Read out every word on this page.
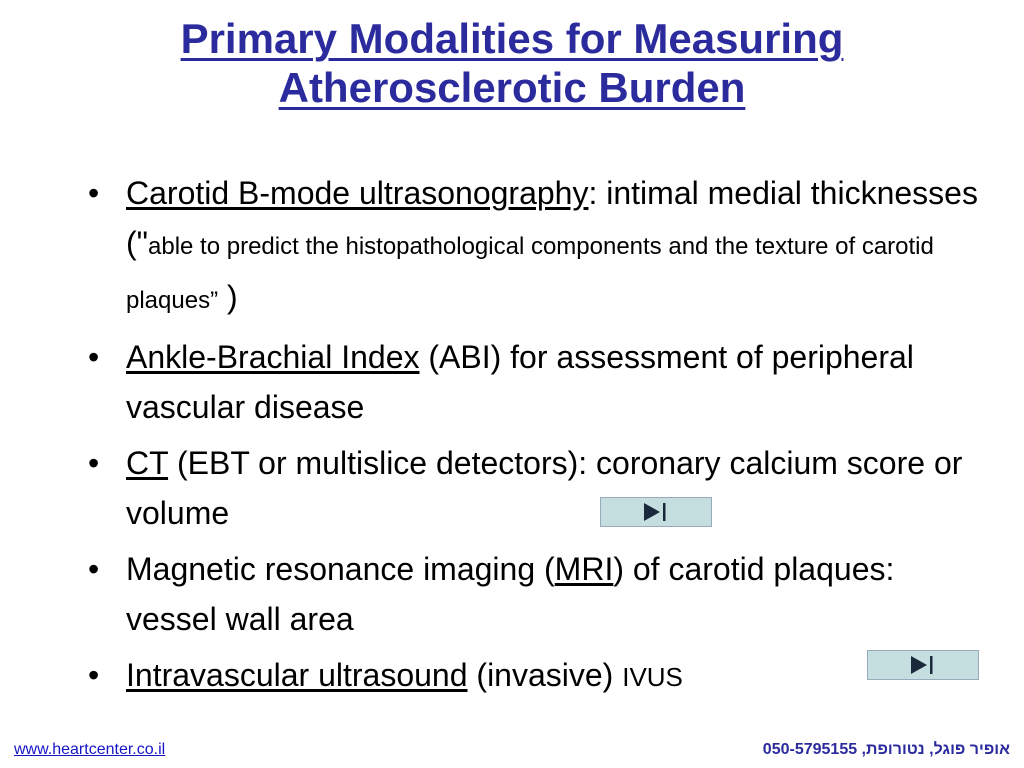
Primary Modalities for Measuring
Atherosclerotic Burden
• Carotid B-mode ultrasonography: intimal medial thicknesses ("able to predict the histopathological components and the texture of carotid plaques” )
• Ankle-Brachial Index (ABI) for assessment of peripheral vascular disease
• CT (EBT or multislice detectors): coronary calcium score or volume
• Magnetic resonance imaging (MRI) of carotid plaques: vessel wall area
• Intravascular ultrasound (invasive) IVUS
www.heartcenter.co.il	אופיר פוגל, נטורופת, 050-5795155
